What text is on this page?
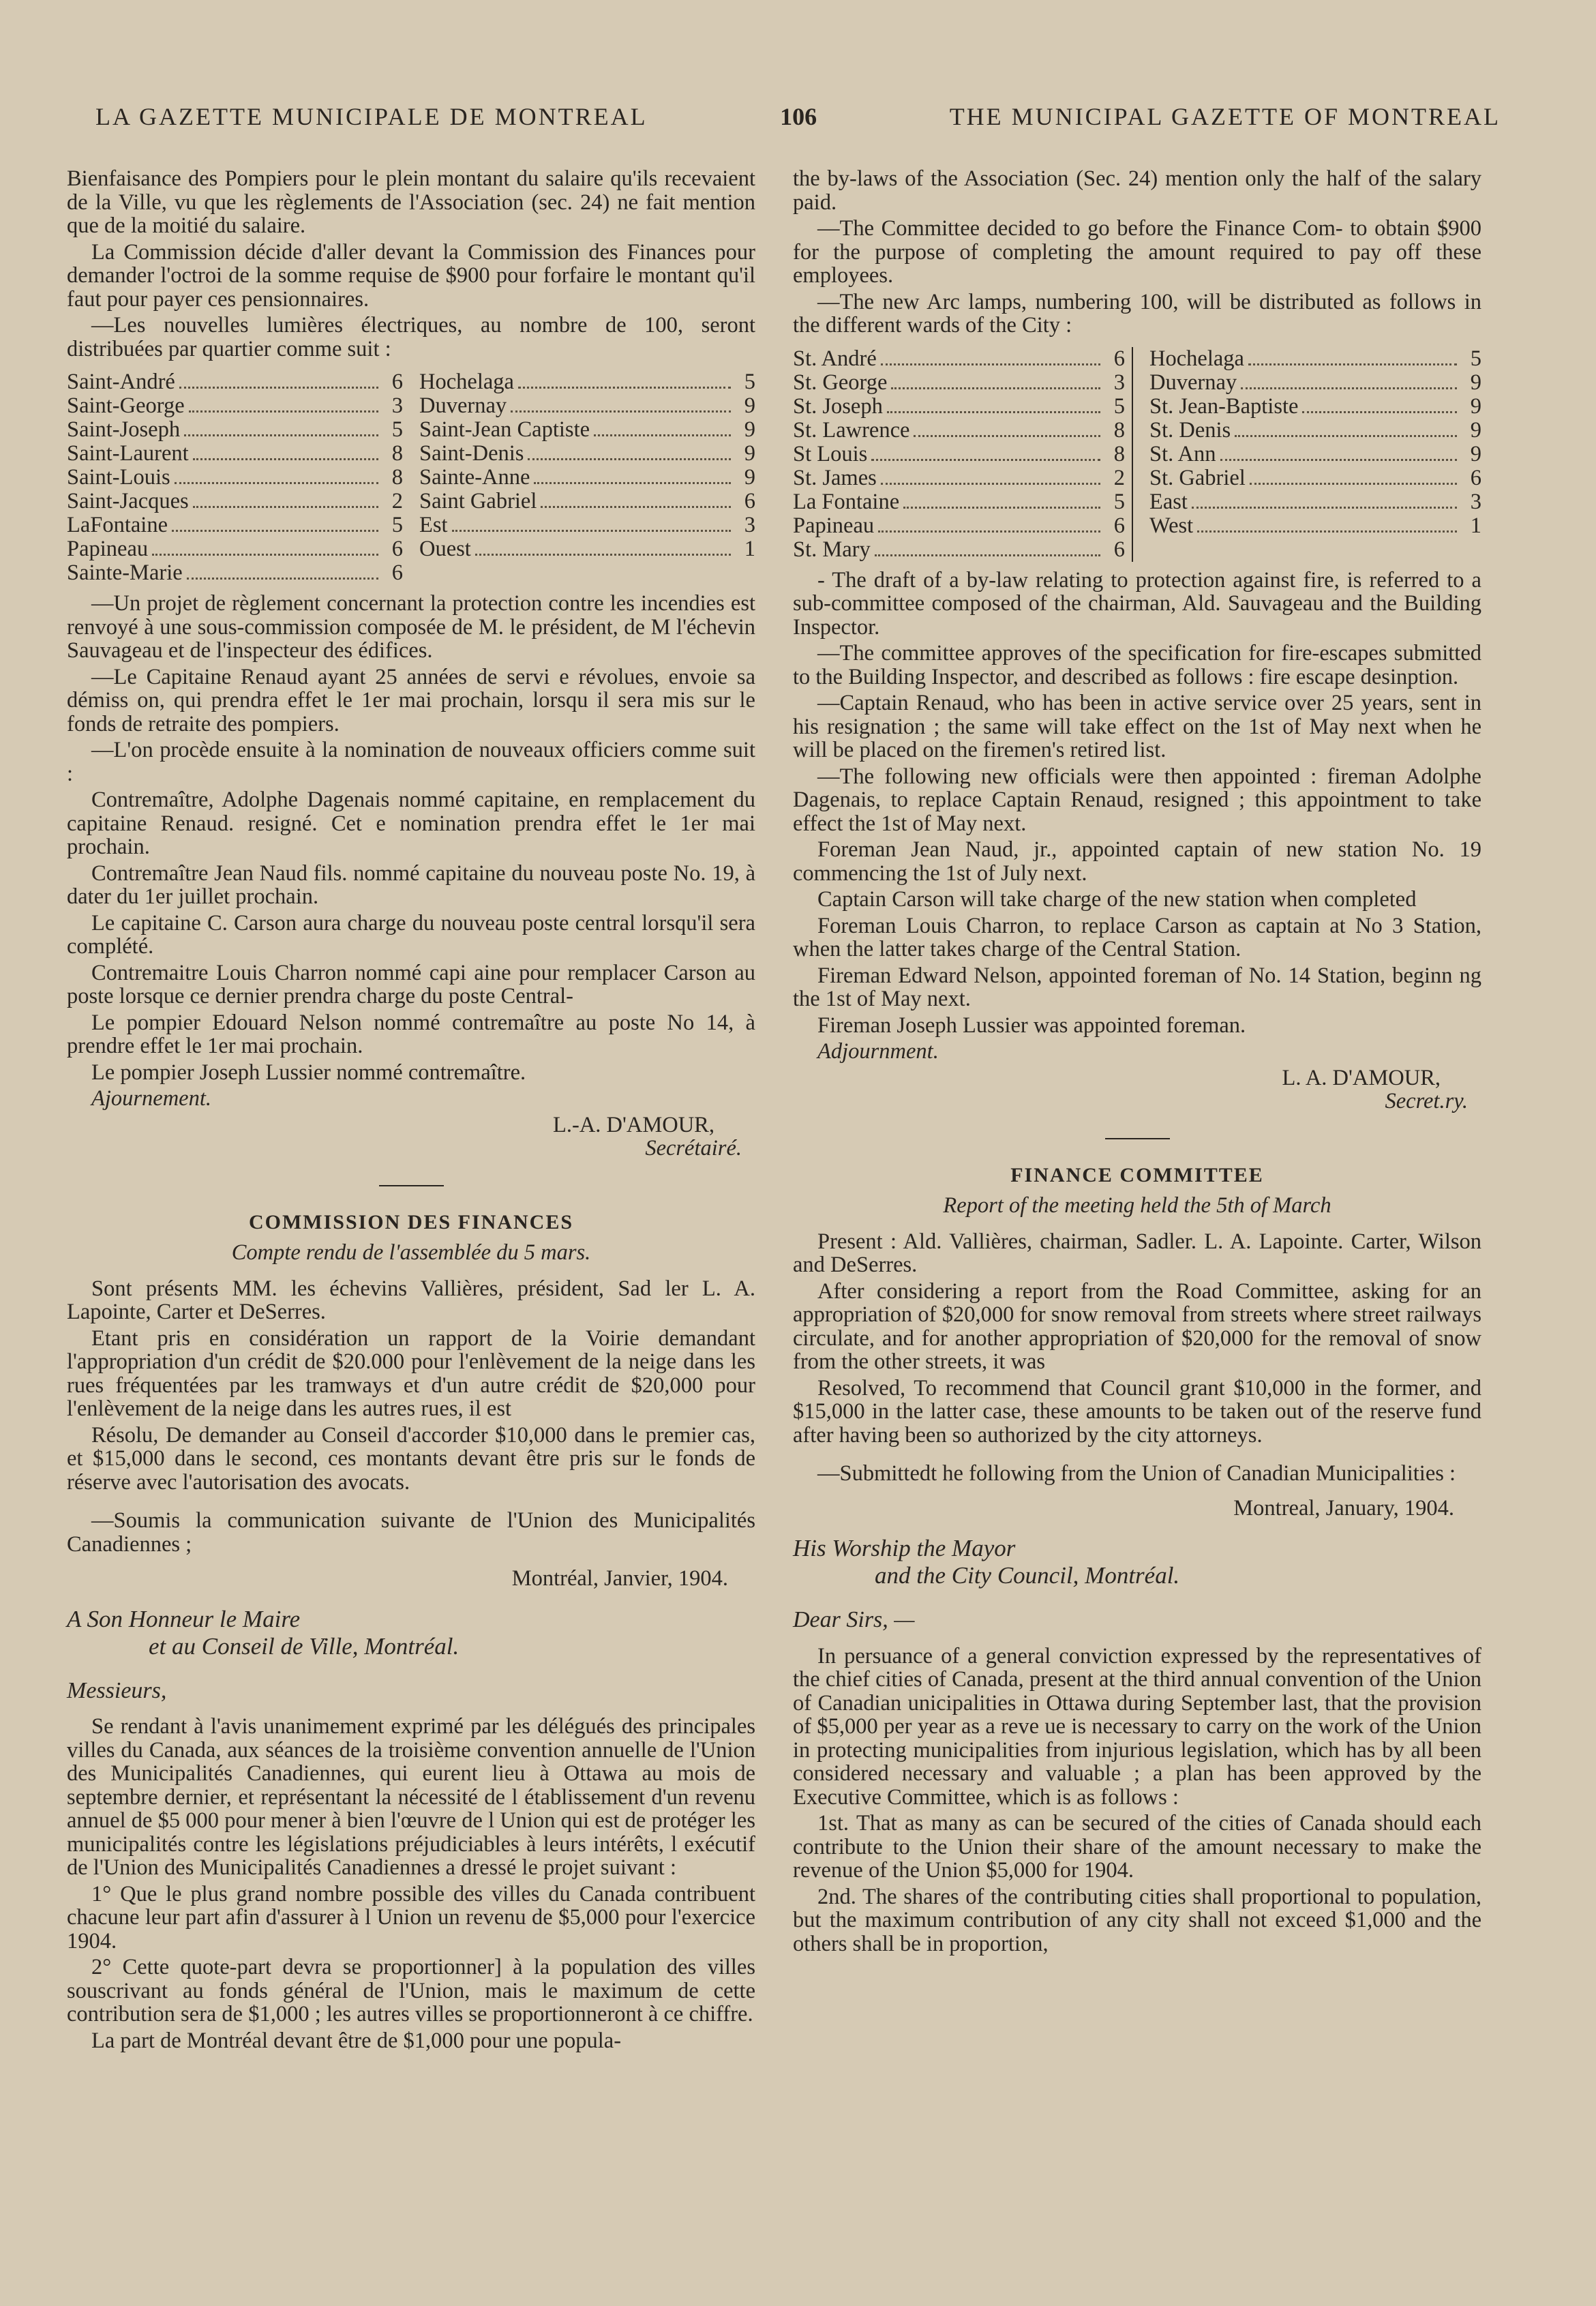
LA GAZETTE MUNICIPALE DE MONTREAL	106	THE MUNICIPAL GAZETTE OF MONTREAL

Bienfaisance des Pompiers pour le plein montant du salaire qu'ils recevaient de la Ville, vu que les règlements de l'Association (sec. 24) ne fait mention que de la moitié du salaire.

La Commission décide d'aller devant la Commission des Finances pour demander l'octroi de la somme requise de $900 pour forfaire le montant qu'il faut pour payer ces pensionnaires.

—Les nouvelles lumières électriques, au nombre de 100, seront distribuées par quartier comme suit :

Saint-André	6
Saint-George	3
Saint-Joseph	5
Saint-Laurent	8
Saint-Louis	8
Saint-Jacques	2
LaFontaine	5
Papineau	6
Sainte-Marie	6
Hochelaga	5
Duvernay	9
Saint-Jean Captiste	9
Saint-Denis	9
Sainte-Anne	9
Saint Gabriel	6
Est	3
Ouest	1

—Un projet de règlement concernant la protection contre les incendies est renvoyé à une sous-commission composée de M. le président, de M l'échevin Sauvageau et de l'inspecteur des édifices.

—Le Capitaine Renaud ayant 25 années de servi e révolues, envoie sa démiss on, qui prendra effet le 1er mai prochain, lorsqu il sera mis sur le fonds de retraite des pompiers.

—L'on procède ensuite à la nomination de nouveaux officiers comme suit :

Contremaître, Adolphe Dagenais nommé capitaine, en remplacement du capitaine Renaud. resigné. Cet e nomination prendra effet le 1er mai prochain.

Contremaître Jean Naud fils. nommé capitaine du nouveau poste No. 19, à dater du 1er juillet prochain.

Le capitaine C. Carson aura charge du nouveau poste central lorsqu'il sera complété.

Contremaitre Louis Charron nommé capi aine pour remplacer Carson au poste lorsque ce dernier prendra charge du poste Central-

Le pompier Edouard Nelson nommé contremaître au poste No 14, à prendre effet le 1er mai prochain.

Le pompier Joseph Lussier nommé contremaître.

Ajournement.

L.-A. D'AMOUR,
Secrétairé.
COMMISSION DES FINANCES
Compte rendu de l'assemblée du 5 mars.

Sont présents MM. les échevins Vallières, président, Sad ler L. A. Lapointe, Carter et DeSerres.

Etant pris en considération un rapport de la Voirie demandant l'appropriation d'un crédit de $20.000 pour l'enlèvement de la neige dans les rues fréquentées par les tramways et d'un autre crédit de $20,000 pour l'enlèvement de la neige dans les autres rues, il est

Résolu, De demander au Conseil d'accorder $10,000 dans le premier cas, et $15,000 dans le second, ces montants devant être pris sur le fonds de réserve avec l'autorisation des avocats.

—Soumis la communication suivante de l'Union des Municipalités Canadiennes ;

Montréal, Janvier, 1904.
A Son Honneur le Maire
et au Conseil de Ville, Montréal.
Messieurs,

Se rendant à l'avis unanimement exprimé par les délégués des principales villes du Canada, aux séances de la troisième convention annuelle de l'Union des Municipalités Canadiennes, qui eurent lieu à Ottawa au mois de septembre dernier, et représentant la nécessité de l établissement d'un revenu annuel de $5 000 pour mener à bien l'œuvre de l Union qui est de protéger les municipalités contre les législations préjudiciables à leurs intérêts, l exécutif de l'Union des Municipalités Canadiennes a dressé le projet suivant :

1° Que le plus grand nombre possible des villes du Canada contribuent chacune leur part afin d'assurer à l Union un revenu de $5,000 pour l'exercice 1904.

2° Cette quote-part devra se proportionner] à la population des villes souscrivant au fonds général de l'Union, mais le maximum de cette contribution sera de $1,000 ; les autres villes se proportionneront à ce chiffre.

La part de Montréal devant être de $1,000 pour une popula-

the by-laws of the Association (Sec. 24) mention only the half of the salary paid.

—The Committee decided to go before the Finance Com- to obtain $900 for the purpose of completing the amount required to pay off these employees.

—The new Arc lamps, numbering 100, will be distributed as follows in the different wards of the City :

St. André	6
St. George	3
St. Joseph	5
St. Lawrence	8
St Louis	8
St. James	2
La Fontaine	5
Papineau	6
St. Mary	6
Hochelaga	5
Duvernay	9
St. Jean-Baptiste	9
St. Denis	9
St. Ann	9
St. Gabriel	6
East	3
West	1

- The draft of a by-law relating to protection against fire, is referred to a sub-committee composed of the chairman, Ald. Sauvageau and the Building Inspector.

—The committee approves of the specification for fire-escapes submitted to the Building Inspector, and described as follows : fire escape desinption.

—Captain Renaud, who has been in active service over 25 years, sent in his resignation ; the same will take effect on the 1st of May next when he will be placed on the firemen's retired list.

—The following new officials were then appointed : fireman Adolphe Dagenais, to replace Captain Renaud, resigned ; this appointment to take effect the 1st of May next.

Foreman Jean Naud, jr., appointed captain of new station No. 19 commencing the 1st of July next.

Captain Carson will take charge of the new station when completed

Foreman Louis Charron, to replace Carson as captain at No 3 Station, when the latter takes charge of the Central Station.

Fireman Edward Nelson, appointed foreman of No. 14 Station, beginn ng the 1st of May next.

Fireman Joseph Lussier was appointed foreman.

Adjournment.

L. A. D'AMOUR,
Secret.ry.
FINANCE COMMITTEE
Report of the meeting held the 5th of March

Present : Ald. Vallières, chairman, Sadler. L. A. Lapointe. Carter, Wilson and DeSerres.

After considering a report from the Road Committee, asking for an appropriation of $20,000 for snow removal from streets where street railways circulate, and for another appropriation of $20,000 for the removal of snow from the other streets, it was

Resolved, To recommend that Council grant $10,000 in the former, and $15,000 in the latter case, these amounts to be taken out of the reserve fund after having been so authorized by the city attorneys.

—Submittedt he following from the Union of Canadian Municipalities :

Montreal, January, 1904.
His Worship the Mayor
and the City Council, Montréal.
Dear Sirs, —

In persuance of a general conviction expressed by the representatives of the chief cities of Canada, present at the third annual convention of the Union of Canadian unicipalities in Ottawa during September last, that the provision of $5,000 per year as a reve ue is necessary to carry on the work of the Union in protecting municipalities from injurious legislation, which has by all been considered necessary and valuable ; a plan has been approved by the Executive Committee, which is as follows :

1st. That as many as can be secured of the cities of Canada should each contribute to the Union their share of the amount necessary to make the revenue of the Union $5,000 for 1904.

2nd. The shares of the contributing cities shall proportional to population, but the maximum contribution of any city shall not exceed $1,000 and the others shall be in proportion,
